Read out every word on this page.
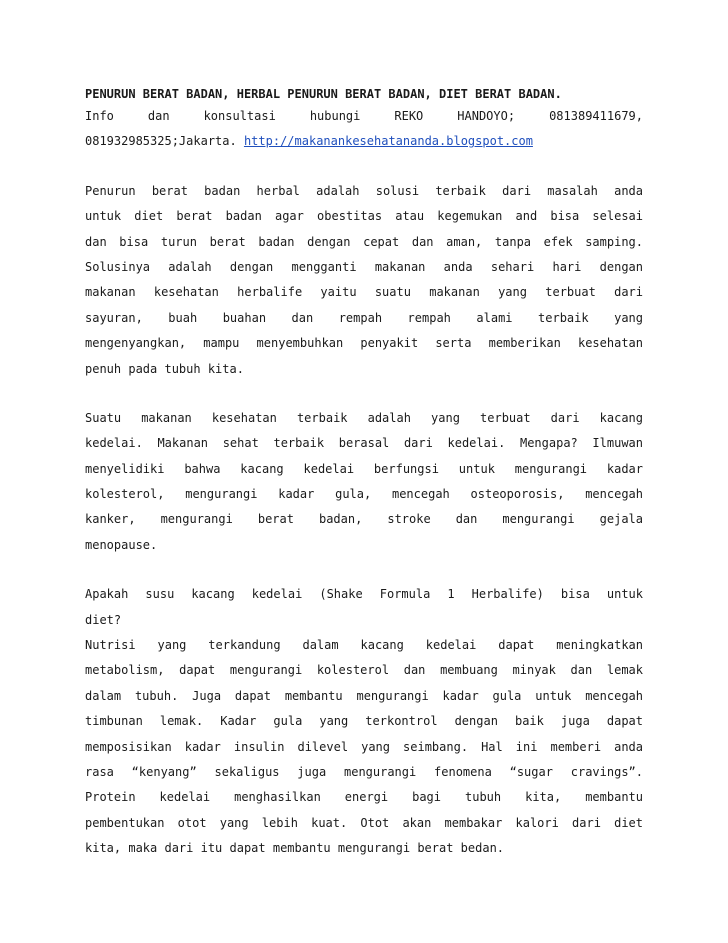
PENURUN BERAT BADAN, HERBAL PENURUN BERAT BADAN, DIET BERAT BADAN.
Info dan konsultasi hubungi REKO HANDOYO; 081389411679,
081932985325;Jakarta. http://makanankesehatananda.blogspot.com
Penurun berat badan herbal adalah solusi terbaik dari masalah anda
untuk diet berat badan agar obestitas atau kegemukan and bisa selesai
dan bisa turun berat badan dengan cepat dan aman, tanpa efek samping.
Solusinya adalah dengan mengganti makanan anda sehari hari dengan
makanan kesehatan herbalife yaitu suatu makanan yang terbuat dari
sayuran, buah buahan dan rempah rempah alami terbaik yang
mengenyangkan, mampu menyembuhkan penyakit serta memberikan kesehatan
penuh pada tubuh kita.
Suatu makanan kesehatan terbaik adalah yang terbuat dari kacang
kedelai. Makanan sehat terbaik berasal dari kedelai. Mengapa? Ilmuwan
menyelidiki bahwa kacang kedelai berfungsi untuk mengurangi kadar
kolesterol, mengurangi kadar gula, mencegah osteoporosis, mencegah
kanker, mengurangi berat badan, stroke dan mengurangi gejala
menopause.
Apakah susu kacang kedelai (Shake Formula 1 Herbalife) bisa untuk
diet?
Nutrisi yang terkandung dalam kacang kedelai dapat meningkatkan
metabolism, dapat mengurangi kolesterol dan membuang minyak dan lemak
dalam tubuh. Juga dapat membantu mengurangi kadar gula untuk mencegah
timbunan lemak. Kadar gula yang terkontrol dengan baik juga dapat
memposisikan kadar insulin dilevel yang seimbang. Hal ini memberi anda
rasa “kenyang” sekaligus juga mengurangi fenomena “sugar cravings”.
Protein kedelai menghasilkan energi bagi tubuh kita, membantu
pembentukan otot yang lebih kuat. Otot akan membakar kalori dari diet
kita, maka dari itu dapat membantu mengurangi berat bedan.
